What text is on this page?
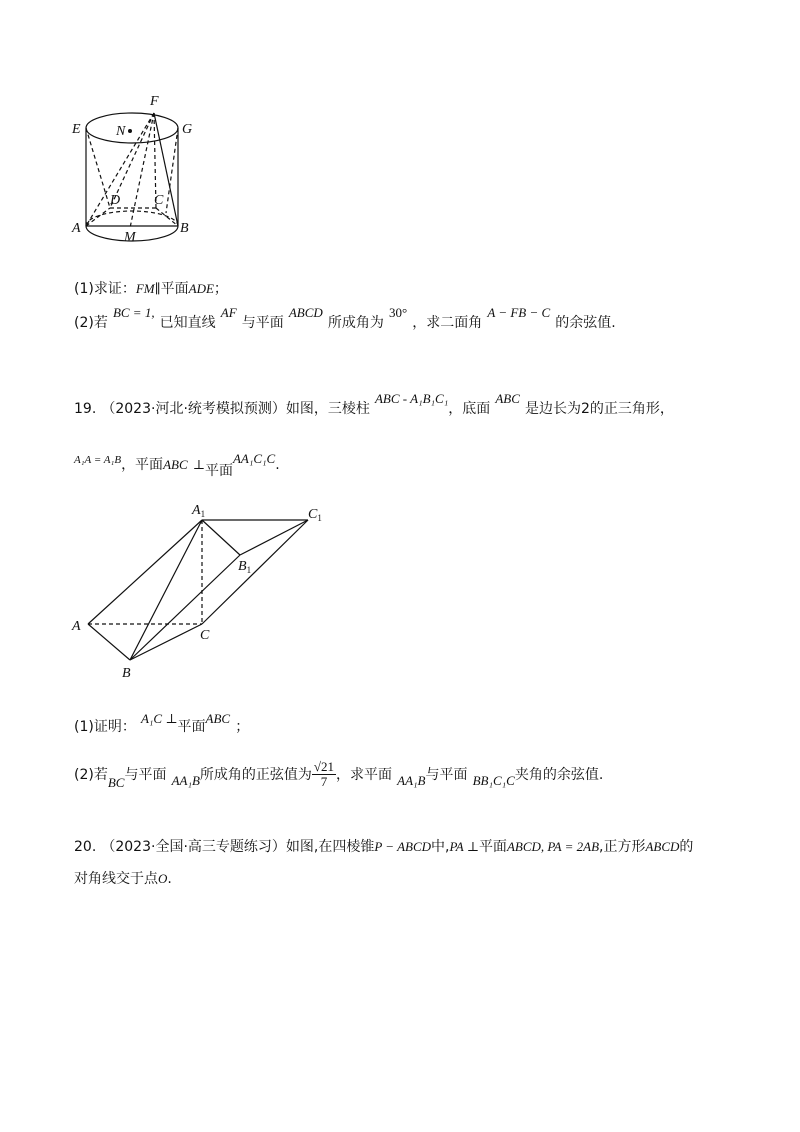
F
E	G
N
D C
A	B
M
(1)求证：FM∥平面ADE；
(2)若 $^{BC = 1,}$ 已知直线 $^{AF}$ 与平面 $^{ABCD}$ 所成角为 $^{30^\circ}$ ，求二面角 $^{A - FB - C}$ 的余弦值.
19. （2023·河北·统考模拟预测）如图，三棱柱 $^{ABC - A_1B_1C_1}$，底面 $^{ABC}$ 是边长为2的正三角形，
$^{A_1A = A_1B}$，平面ABC ⊥平面$^{AA_1C_1C}$.
$A_1$	$C_1$
$B_1$
A
C
B
(1)证明： $^{A_1C \perp}$平面$^{ABC}$ ；
(2)若$_{BC}$与平面 $_{AA_1B}$所成角的正弦值为 $\frac{√21}{7}$ ，求平面 $_{AA_1B}$与平面 $_{BB_1C_1C}$夹角的余弦值.
20. （2023·全国·高三专题练习）如图,在四棱锥P − ABCD中,PA ⊥平面ABCD, PA = 2AB,正方形ABCD的
对角线交于点O.
